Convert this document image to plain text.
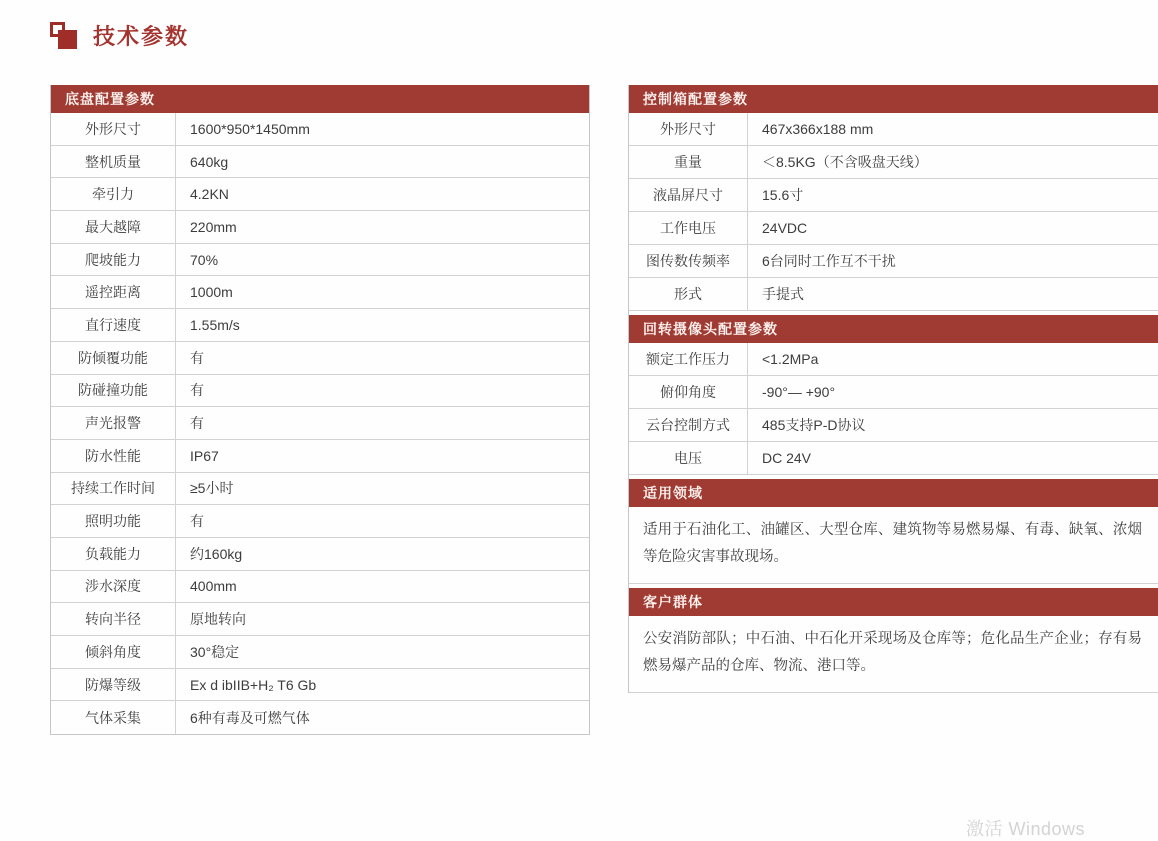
技术参数
底盘配置参数
外形尺寸	1600*950*1450mm
整机质量	640kg
牵引力	4.2KN
最大越障	220mm
爬坡能力	70%
遥控距离	1000m
直行速度	1.55m/s
防倾覆功能	有
防碰撞功能	有
声光报警	有
防水性能	IP67
持续工作时间	≥5小时
照明功能	有
负载能力	约160kg
涉水深度	400mm
转向半径	原地转向
倾斜角度	30°稳定
防爆等级	Ex d ibIIB+H₂ T6 Gb
气体采集	6种有毒及可燃气体
控制箱配置参数
外形尺寸	467x366x188 mm
重量	＜8.5KG（不含吸盘天线）
液晶屏尺寸	15.6寸
工作电压	24VDC
图传数传频率	6台同时工作互不干扰
形式	手提式
回转摄像头配置参数
额定工作压力	<1.2MPa
俯仰角度	-90°— +90°
云台控制方式	485支持P-D协议
电压	DC 24V
适用领域
适用于石油化工、油罐区、大型仓库、建筑物等易燃易爆、有毒、缺氧、浓烟等危险灾害事故现场。
客户群体
公安消防部队；中石油、中石化开采现场及仓库等；危化品生产企业；存有易燃易爆产品的仓库、物流、港口等。
激活 Windows
